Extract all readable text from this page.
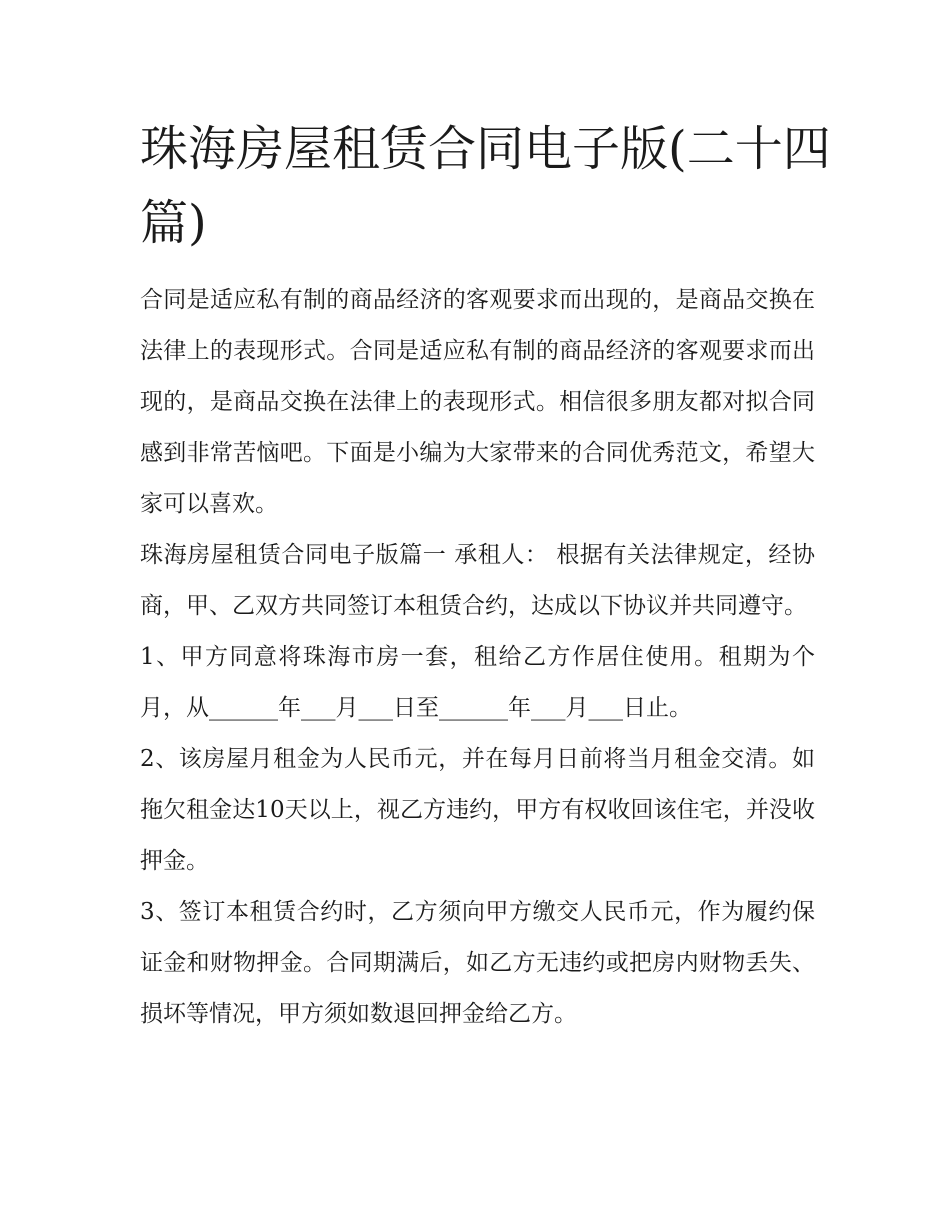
珠海房屋租赁合同电子版(二十四篇)

合同是适应私有制的商品经济的客观要求而出现的，是商品交换在法律上的表现形式。合同是适应私有制的商品经济的客观要求而出现的，是商品交换在法律上的表现形式。相信很多朋友都对拟合同感到非常苦恼吧。下面是小编为大家带来的合同优秀范文，希望大家可以喜欢。

珠海房屋租赁合同电子版篇一 承租人： 根据有关法律规定，经协商，甲、乙双方共同签订本租赁合约，达成以下协议并共同遵守。

1、甲方同意将珠海市房一套，租给乙方作居住使用。租期为个月，从______年___月___日至______年___月___日止。

2、该房屋月租金为人民币元，并在每月日前将当月租金交清。如拖欠租金达10天以上，视乙方违约，甲方有权收回该住宅，并没收押金。

3、签订本租赁合约时，乙方须向甲方缴交人民币元，作为履约保证金和财物押金。合同期满后，如乙方无违约或把房内财物丢失、损坏等情况，甲方须如数退回押金给乙方。
